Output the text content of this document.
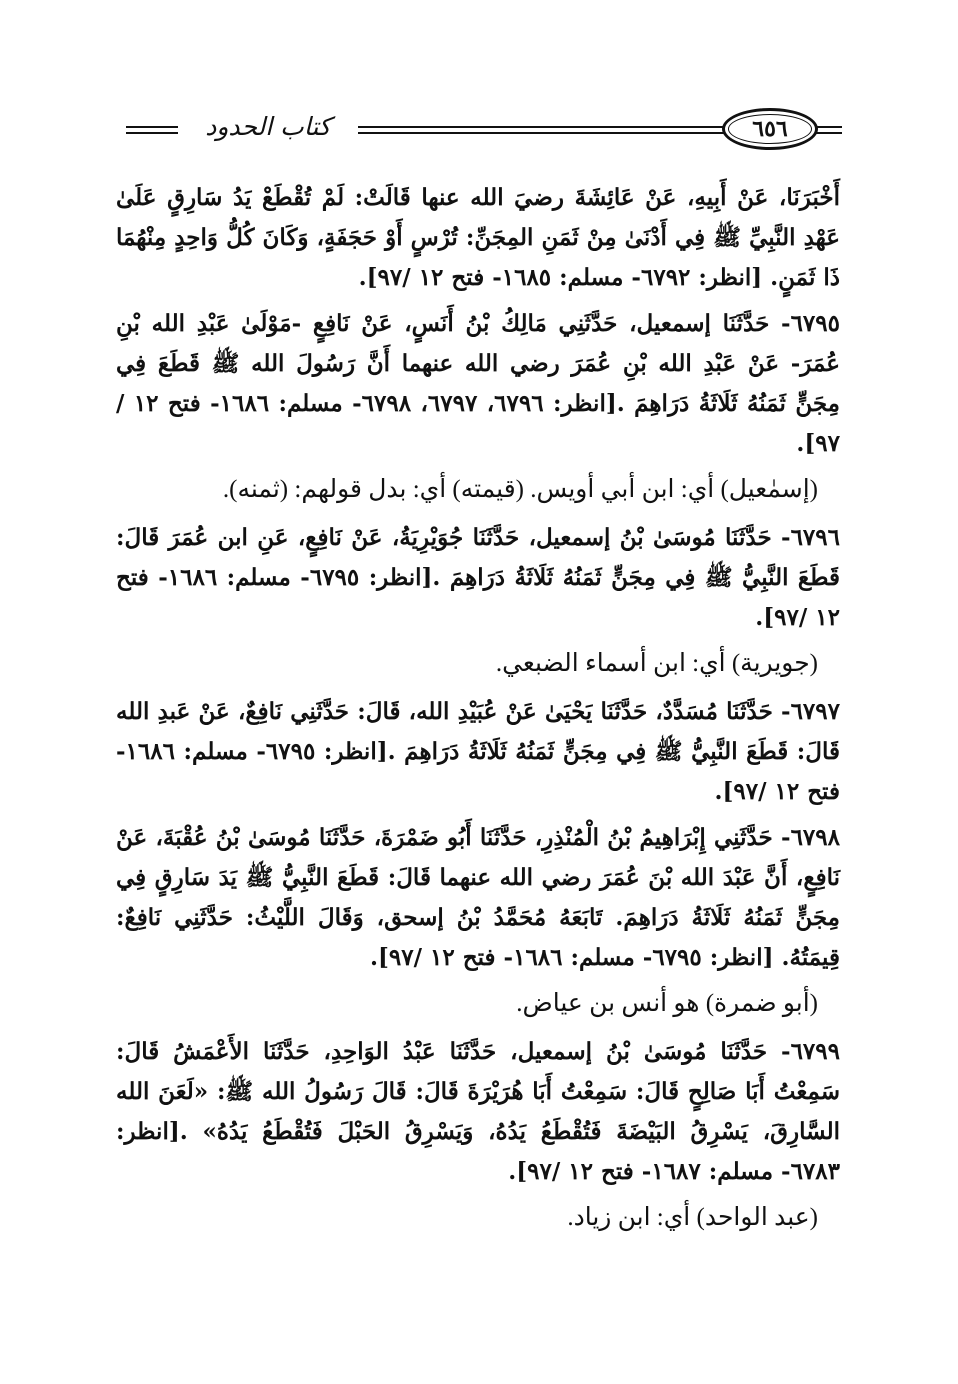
كتاب الحدود	٦٥٦

أَخْبَرَنَا، عَنْ أَبِيهِ، عَنْ عَائِشَةَ رضيَ الله عنها قَالَتْ: لَمْ تُقْطَعْ يَدُ سَارِقٍ عَلَىٰ عَهْدِ النَّبِيِّ ﷺ فِي أَدْنَىٰ مِنْ ثَمَنِ المِجَنِّ: تُرْسٍ أَوْ حَجَفَةٍ، وَكَانَ كُلُّ وَاحِدٍ مِنْهُمَا ذَا ثَمَنٍ. [انظر: ٦٧٩٢- مسلم: ١٦٨٥- فتح ١٢ /٩٧].

٦٧٩٥- حَدَّثَنَا إسمعيل، حَدَّثَنِي مَالِكُ بْنُ أَنَسٍ، عَنْ نَافِعٍ -مَوْلَىٰ عَبْدِ الله بْنِ عُمَرَ- عَنْ عَبْدِ الله بْنِ عُمَرَ رضي الله عنهما أَنَّ رَسُولَ الله ﷺ قَطَعَ فِي مِجَنٍّ ثَمَنُهُ ثَلَاثَةُ دَرَاهِمَ .[انظر: ٦٧٩٦، ٦٧٩٧، ٦٧٩٨- مسلم: ١٦٨٦- فتح ١٢ /٩٧].

(إسمٰعيل) أي: ابن أبي أويس. (قيمته) أي: بدل قولهم: (ثمنه).

٦٧٩٦- حَدَّثَنَا مُوسَىٰ بْنُ إسمعيل، حَدَّثَنَا جُوَيْرِيَةُ، عَنْ نَافِعٍ، عَنِ ابن عُمَرَ قَالَ: قَطَعَ النَّبِيُّ ﷺ فِي مِجَنٍّ ثَمَنُهُ ثَلَاثَةُ دَرَاهِمَ .[انظر: ٦٧٩٥- مسلم: ١٦٨٦- فتح ١٢ /٩٧].

(جويرية) أي: ابن أسماء الضبعي.

٦٧٩٧- حَدَّثَنَا مُسَدَّدٌ، حَدَّثَنَا يَحْيَىٰ عَنْ عُبَيْدِ الله، قَالَ: حَدَّثَنِي نَافِعٌ، عَنْ عَبدِ الله قَالَ: قَطَعَ النَّبِيُّ ﷺ فِي مِجَنٍّ ثَمَنُهُ ثَلَاثَةُ دَرَاهِمَ .[انظر: ٦٧٩٥- مسلم: ١٦٨٦- فتح ١٢ /٩٧].

٦٧٩٨- حَدَّثَنِي إِبْرَاهِيمُ بْنُ الْمُنْذِرِ، حَدَّثَنَا أَبُو ضَمْرَةَ، حَدَّثَنَا مُوسَىٰ بْنُ عُقْبَةَ، عَنْ نَافِعٍ، أَنَّ عَبْدَ الله بْنَ عُمَرَ رضي الله عنهما قَالَ: قَطَعَ النَّبِيُّ ﷺ يَدَ سَارِقٍ فِي مِجَنٍّ ثَمَنُهُ ثَلَاثَةُ دَرَاهِمَ. تَابَعَهُ مُحَمَّدُ بْنُ إسحق، وَقَالَ اللَّيْثُ: حَدَّثَنِي نَافِعٌ: قِيمَتُهُ. [انظر: ٦٧٩٥- مسلم: ١٦٨٦- فتح ١٢ /٩٧].

(أبو ضمرة) هو أنس بن عياض.

٦٧٩٩- حَدَّثَنَا مُوسَىٰ بْنُ إسمعيل، حَدَّثَنَا عَبْدُ الوَاحِدِ، حَدَّثَنَا الأَعْمَشُ قَالَ: سَمِعْتُ أَبَا صَالِحٍ قَالَ: سَمِعْتُ أَبَا هُرَيْرَةَ قَالَ: قَالَ رَسُولُ الله ﷺ: «لَعَنَ الله السَّارِقَ، يَسْرِقُ البَيْضَةَ فَتُقْطَعُ يَدُهُ، وَيَسْرِقُ الحَبْلَ فَتُقْطَعُ يَدُهُ» .[انظر: ٦٧٨٣- مسلم: ١٦٨٧- فتح ١٢ /٩٧].

(عبد الواحد) أي: ابن زياد.
